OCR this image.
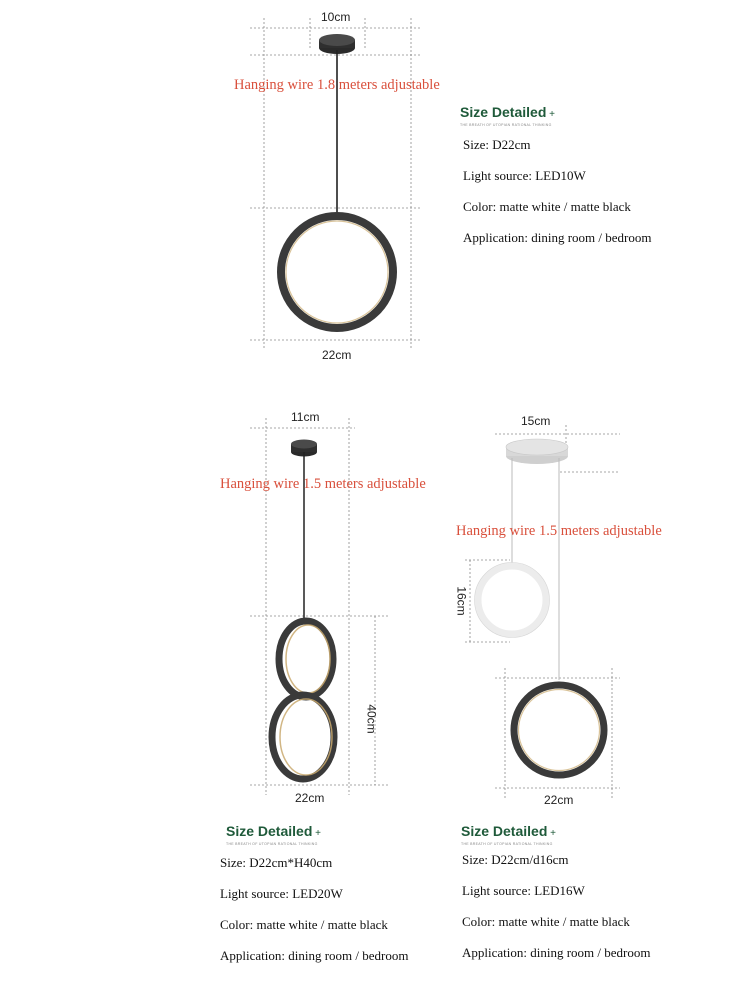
10cm
Hanging wire 1.8 meters adjustable
22cm
Size Detailed +
THE BREATH OF UTOPIAN RATIONAL THINKING
Size: D22cm
Light source: LED10W
Color: matte white / matte black
Application: dining room / bedroom
11cm
Hanging wire 1.5 meters adjustable
40cm
22cm
Size Detailed +
THE BREATH OF UTOPIAN RATIONAL THINKING
Size: D22cm*H40cm
Light source: LED20W
Color: matte white / matte black
Application: dining room / bedroom
15cm
Hanging wire 1.5 meters adjustable
16cm
22cm
Size Detailed +
THE BREATH OF UTOPIAN RATIONAL THINKING
Size: D22cm/d16cm
Light source: LED16W
Color: matte white / matte black
Application: dining room / bedroom
